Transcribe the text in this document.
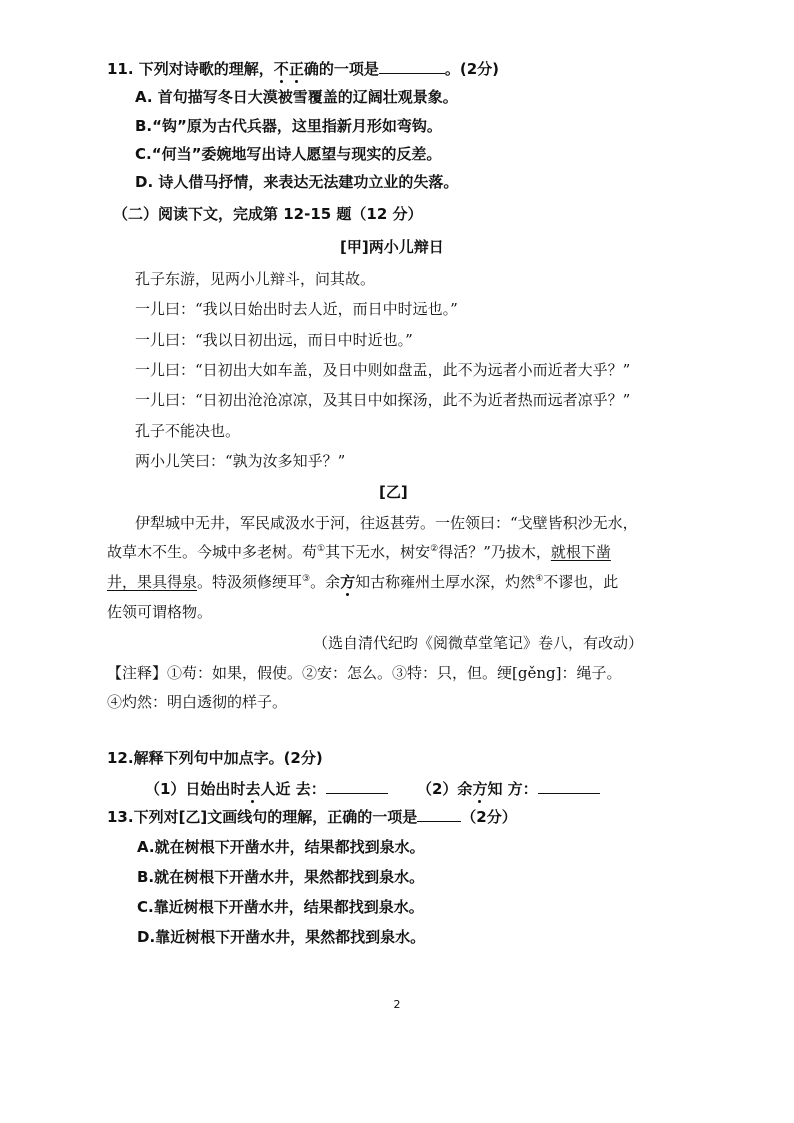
11. 下列对诗歌的理解，不正确的一项是	。(2分)
A. 首句描写冬日大漠被雪覆盖的辽阔壮观景象。
B.“钩”原为古代兵器，这里指新月形如弯钩。
C.“何当”委婉地写出诗人愿望与现实的反差。
D. 诗人借马抒情，来表达无法建功立业的失落。
（二）阅读下文，完成第 12-15 题（12 分）
[甲]两小儿辩日
孔子东游，见两小儿辩斗，问其故。
一儿曰：“我以日始出时去人近，而日中时远也。”
一儿曰：“我以日初出远，而日中时近也。”
一儿曰：“日初出大如车盖，及日中则如盘盂，此不为远者小而近者大乎？”
一儿曰：“日初出沧沧凉凉，及其日中如探汤，此不为近者热而远者凉乎？”
孔子不能决也。
两小儿笑曰：“孰为汝多知乎？”
[乙]
伊犁城中无井，军民咸汲水于河，往返甚劳。一佐领曰：“戈壁皆积沙无水，
故草木不生。今城中多老树。苟①其下无水，树安②得活？”乃拔木，就根下凿
井，果具得泉。特汲须修绠耳③。余方知古称雍州土厚水深，灼然④不谬也，此
佐领可谓格物。
（选自清代纪昀《阅微草堂笔记》卷八，有改动）
【注释】①苟：如果，假使。②安：怎么。③特：只，但。绠[gěng]：绳子。
④灼然：明白透彻的样子。
12.解释下列句中加点字。(2分)
（1）日始出时去人近 去：	（2）余方知 方：
13.下列对[乙]文画线句的理解，正确的一项是	（2分）
A.就在树根下开凿水井，结果都找到泉水。
B.就在树根下开凿水井，果然都找到泉水。
C.靠近树根下开凿水井，结果都找到泉水。
D.靠近树根下开凿水井，果然都找到泉水。
2
